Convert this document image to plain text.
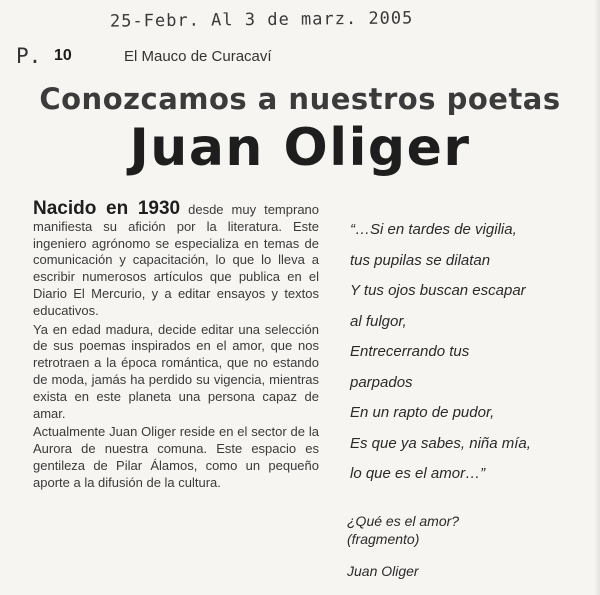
25-Febr. Al 3 de marz. 2005
P. 10	El Mauco de Curacaví
Conozcamos a nuestros poetas
Juan Oliger

Nacido en 1930 desde muy temprano manifiesta su afición por la literatura. Este ingeniero agrónomo se especializa en temas de comunicación y capacitación, lo que lo lleva a escribir numerosos artículos que publica en el Diario El Mercurio, y a editar ensayos y textos educativos.

Ya en edad madura, decide editar una selección de sus poemas inspirados en el amor, que nos retrotraen a la época romántica, que no estando de moda, jamás ha perdido su vigencia, mientras exista en este planeta una persona capaz de amar.

Actualmente Juan Oliger reside en el sector de la Aurora de nuestra comuna. Este espacio es gentileza de Pilar Álamos, como un pequeño aporte a la difusión de la cultura.

“…Si en tardes de vigilia,
tus pupilas se dilatan
Y tus ojos buscan escapar
al fulgor,
Entrecerrando tus
parpados
En un rapto de pudor,
Es que ya sabes, niña mía,
lo que es el amor…”
¿Qué es el amor?
(fragmento)
Juan Oliger
